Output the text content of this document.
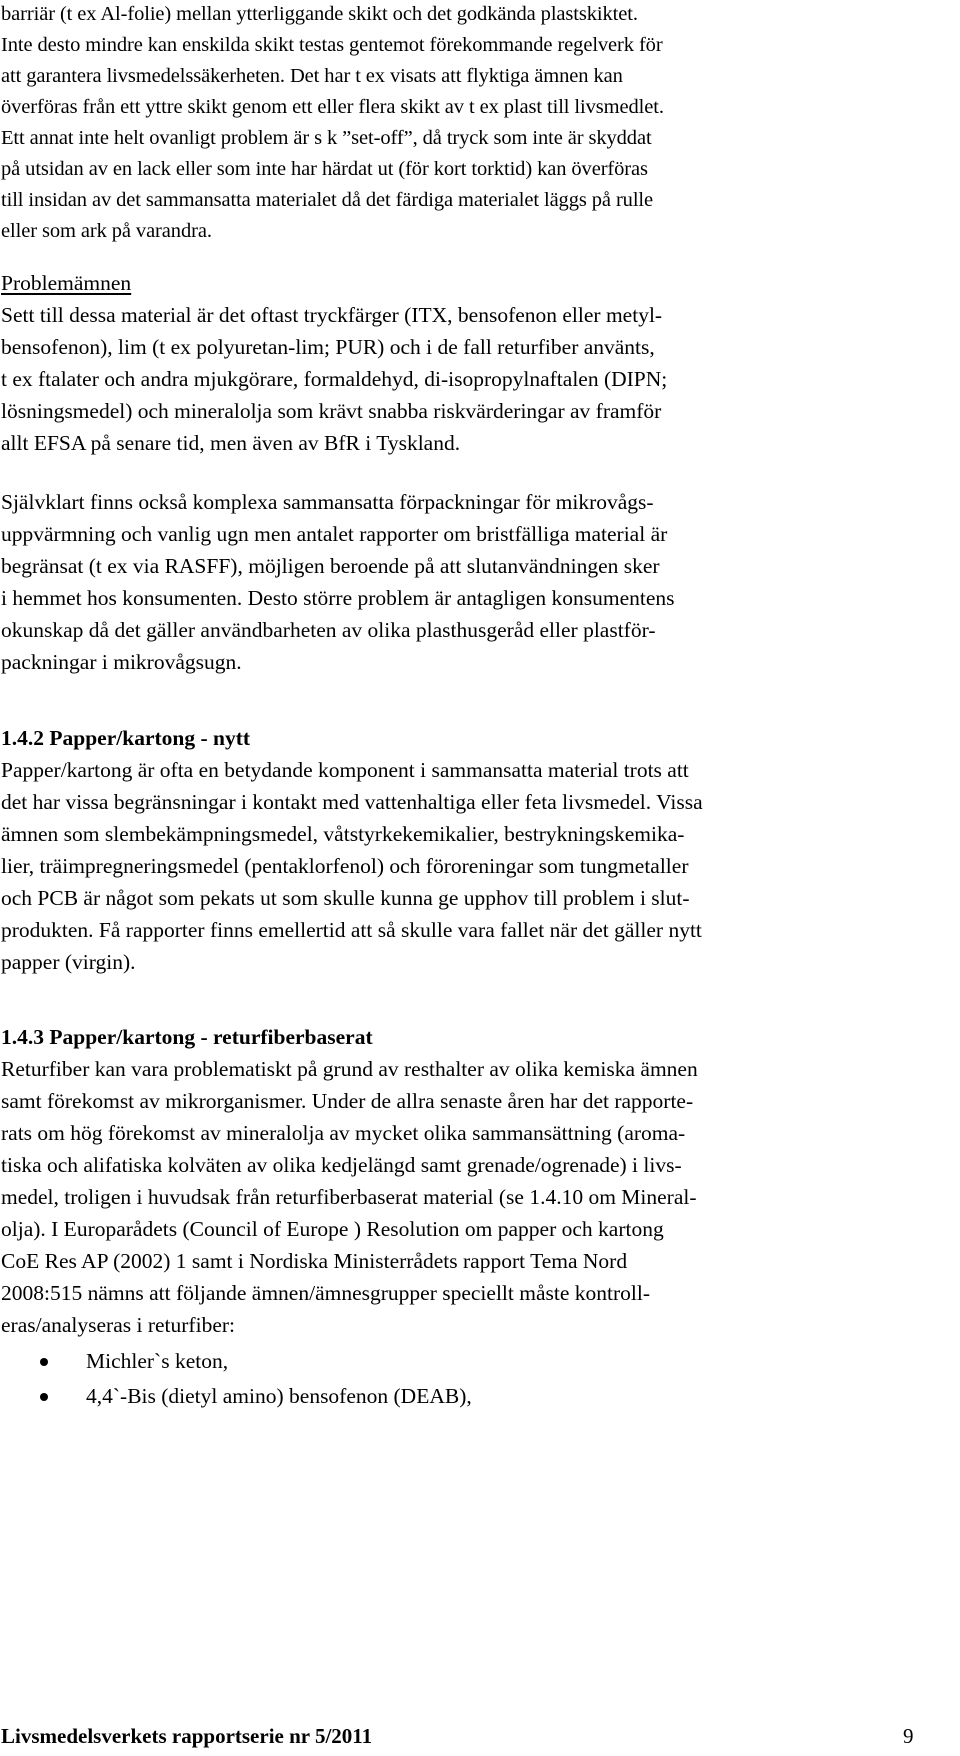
barriär (t ex Al-folie) mellan ytterliggande skikt och det godkända plastskiktet.
Inte desto mindre kan enskilda skikt testas gentemot förekommande regelverk för
att garantera livsmedelssäkerheten. Det har t ex visats att flyktiga ämnen kan
överföras från ett yttre skikt genom ett eller flera skikt av t ex plast till livsmedlet.
Ett annat inte helt ovanligt problem är s k ”set-off”, då tryck som inte är skyddat
på utsidan av en lack eller som inte har härdat ut (för kort torktid) kan överföras
till insidan av det sammansatta materialet då det färdiga materialet läggs på rulle
eller som ark på varandra.
Problemämnen
Sett till dessa material är det oftast tryckfärger (ITX, bensofenon eller metyl-
bensofenon), lim (t ex polyuretan-lim; PUR) och i de fall returfiber använts,
t ex ftalater och andra mjukgörare, formaldehyd, di-isopropylnaftalen (DIPN;
lösningsmedel) och mineralolja som krävt snabba riskvärderingar av framför
allt EFSA på senare tid, men även av BfR i Tyskland.
Självklart finns också komplexa sammansatta förpackningar för mikrovågs-
uppvärmning och vanlig ugn men antalet rapporter om bristfälliga material är
begränsat (t ex via RASFF), möjligen beroende på att slutanvändningen sker
i hemmet hos konsumenten. Desto större problem är antagligen konsumentens
okunskap då det gäller användbarheten av olika plasthusgeråd eller plastför-
packningar i mikrovågsugn.
1.4.2 Papper/kartong - nytt
Papper/kartong är ofta en betydande komponent i sammansatta material trots att
det har vissa begränsningar i kontakt med vattenhaltiga eller feta livsmedel. Vissa
ämnen som slembekämpningsmedel, våtstyrkekemikalier, bestrykningskemika-
lier, träimpregneringsmedel (pentaklorfenol) och föroreningar som tungmetaller
och PCB är något som pekats ut som skulle kunna ge upphov till problem i slut-
produkten. Få rapporter finns emellertid att så skulle vara fallet när det gäller nytt
papper (virgin).
1.4.3 Papper/kartong - returfiberbaserat
Returfiber kan vara problematiskt på grund av resthalter av olika kemiska ämnen
samt förekomst av mikrorganismer. Under de allra senaste åren har det rapporte-
rats om hög förekomst av mineralolja av mycket olika sammansättning (aroma-
tiska och alifatiska kolväten av olika kedjelängd samt grenade/ogrenade) i livs-
medel, troligen i huvudsak från returfiberbaserat material (se 1.4.10 om Mineral-
olja). I Europarådets (Council of Europe ) Resolution om papper och kartong
CoE Res AP (2002) 1 samt i Nordiska Ministerrådets rapport Tema Nord
2008:515 nämns att följande ämnen/ämnesgrupper speciellt måste kontroll-
eras/analyseras i returfiber:
Michler`s keton,
4,4`-Bis (dietyl amino) bensofenon (DEAB),
Livsmedelsverkets rapportserie nr 5/2011	9
